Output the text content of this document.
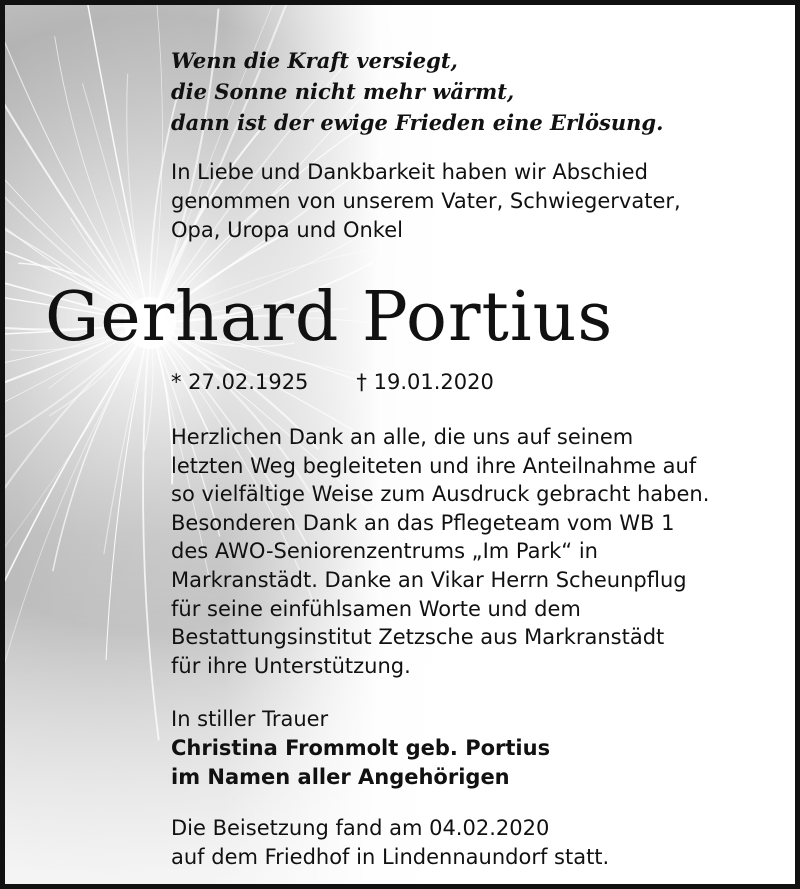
Wenn die Kraft versiegt,
die Sonne nicht mehr wärmt,
dann ist der ewige Frieden eine Erlösung.
In Liebe und Dankbarkeit haben wir Abschied
genommen von unserem Vater, Schwiegervater,
Opa, Uropa und Onkel
Gerhard Portius
* 27.02.1925 † 19.01.2020
Herzlichen Dank an alle, die uns auf seinem
letzten Weg begleiteten und ihre Anteilnahme auf
so vielfältige Weise zum Ausdruck gebracht haben.
Besonderen Dank an das Pflegeteam vom WB 1
des AWO-Seniorenzentrums „Im Park“ in
Markranstädt. Danke an Vikar Herrn Scheunpflug
für seine einfühlsamen Worte und dem
Bestattungsinstitut Zetzsche aus Markranstädt
für ihre Unterstützung.
In stiller Trauer
Christina Frommolt geb. Portius
im Namen aller Angehörigen
Die Beisetzung fand am 04.02.2020
auf dem Friedhof in Lindennaundorf statt.
